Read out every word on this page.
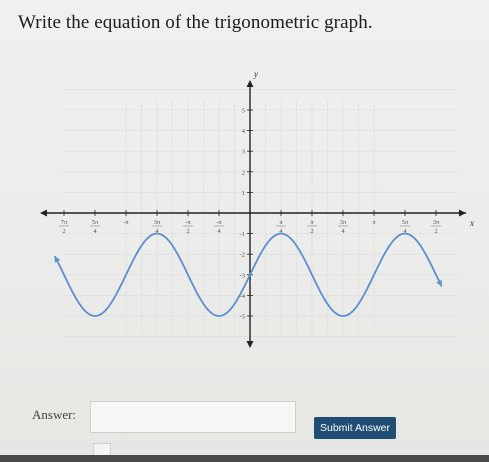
Write the equation of the trigonometric graph.
x
y
7π
2
5π
4
-π	3π
4
-π
2
-π
4
π
4
π
2
3π
4
π	5π
4
3π
2
5
4
3
2
1
-1
-2
-3
-4
-5
Answer:
Submit Answer
